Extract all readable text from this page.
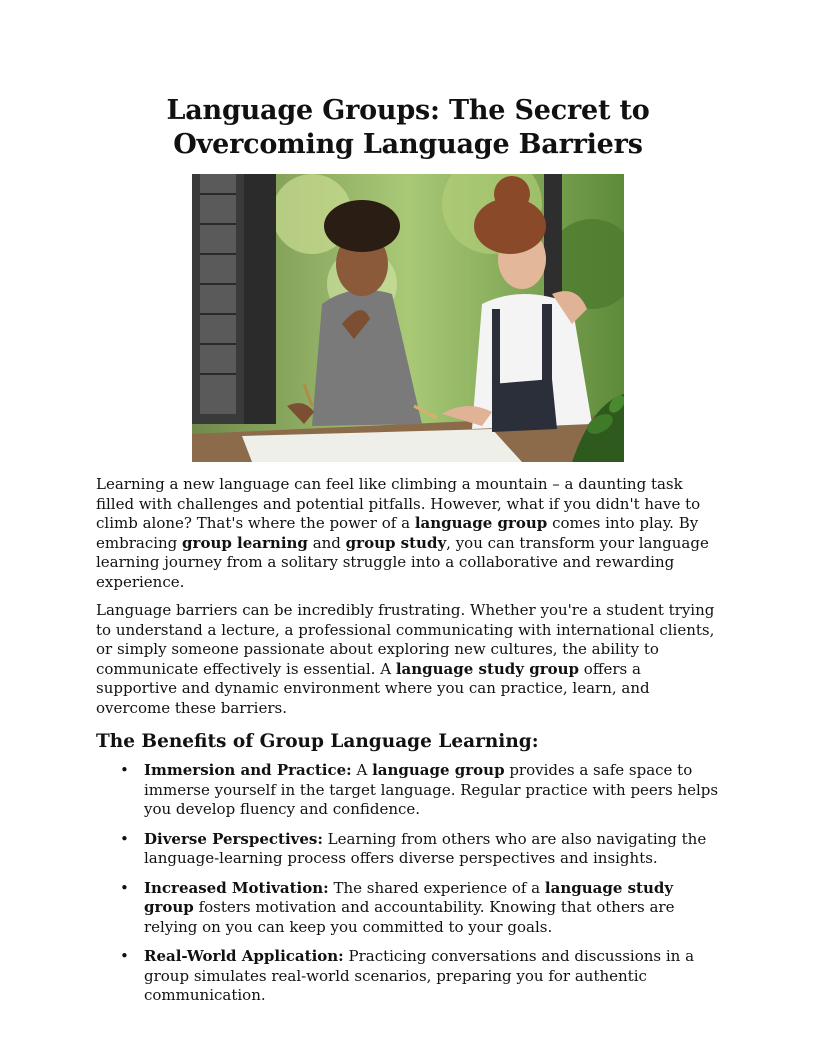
Language Groups: The Secret to Overcoming Language Barriers

Learning a new language can feel like climbing a mountain – a daunting task filled with challenges and potential pitfalls. However, what if you didn't have to climb alone? That's where the power of a language group comes into play. By embracing group learning and group study, you can transform your language learning journey from a solitary struggle into a collaborative and rewarding experience.

Language barriers can be incredibly frustrating. Whether you're a student trying to understand a lecture, a professional communicating with international clients, or simply someone passionate about exploring new cultures, the ability to communicate effectively is essential. A language study group offers a supportive and dynamic environment where you can practice, learn, and overcome these barriers.

The Benefits of Group Language Learning:
• Immersion and Practice: A language group provides a safe space to immerse yourself in the target language. Regular practice with peers helps you develop fluency and confidence.
• Diverse Perspectives: Learning from others who are also navigating the language-learning process offers diverse perspectives and insights.
• Increased Motivation: The shared experience of a language study group fosters motivation and accountability. Knowing that others are relying on you can keep you committed to your goals.
• Real-World Application: Practicing conversations and discussions in a group simulates real-world scenarios, preparing you for authentic communication.
